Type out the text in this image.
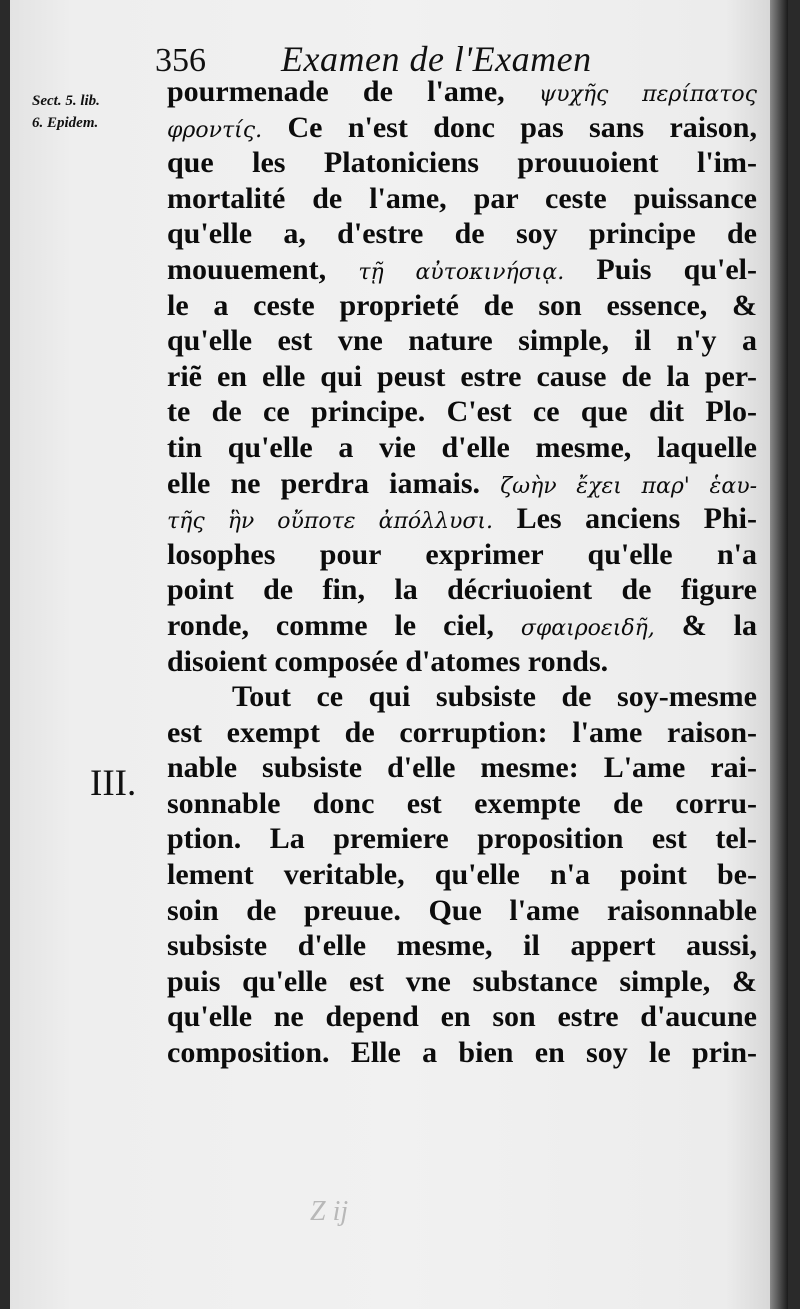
356 Examen de l'Examen
Sect. 5. lib.
6. Epidem.
III.
pourmenade de l'ame, ψυχῆς περίπατος
φροντίς. Ce n'est donc pas sans raison,
que les Platoniciens prouuoient l'im-
mortalité de l'ame, par ceste puissance
qu'elle a, d'estre de soy principe de
mouuement, τῇ αὐτοκινήσιᾳ. Puis qu'el-
le a ceste proprieté de son essence, &
qu'elle est vne nature simple, il n'y a
riẽ en elle qui peust estre cause de la per-
te de ce principe. C'est ce que dit Plo-
tin qu'elle a vie d'elle mesme, laquelle
elle ne perdra iamais. ζωὴν ἔχει παρ' ἑαυ-
τῆς ἣν οὔποτε ἀπόλλυσι. Les anciens Phi-
losophes pour exprimer qu'elle n'a
point de fin, la décriuoient de figure
ronde, comme le ciel, σφαιροειδῆ, & la
disoient composée d'atomes ronds.
Tout ce qui subsiste de soy-mesme
est exempt de corruption: l'ame raison-
nable subsiste d'elle mesme: L'ame rai-
sonnable donc est exempte de corru-
ption. La premiere proposition est tel-
lement veritable, qu'elle n'a point be-
soin de preuue. Que l'ame raisonnable
subsiste d'elle mesme, il appert aussi,
puis qu'elle est vne substance simple, &
qu'elle ne depend en son estre d'aucune
composition. Elle a bien en soy le prin-
Z ij
